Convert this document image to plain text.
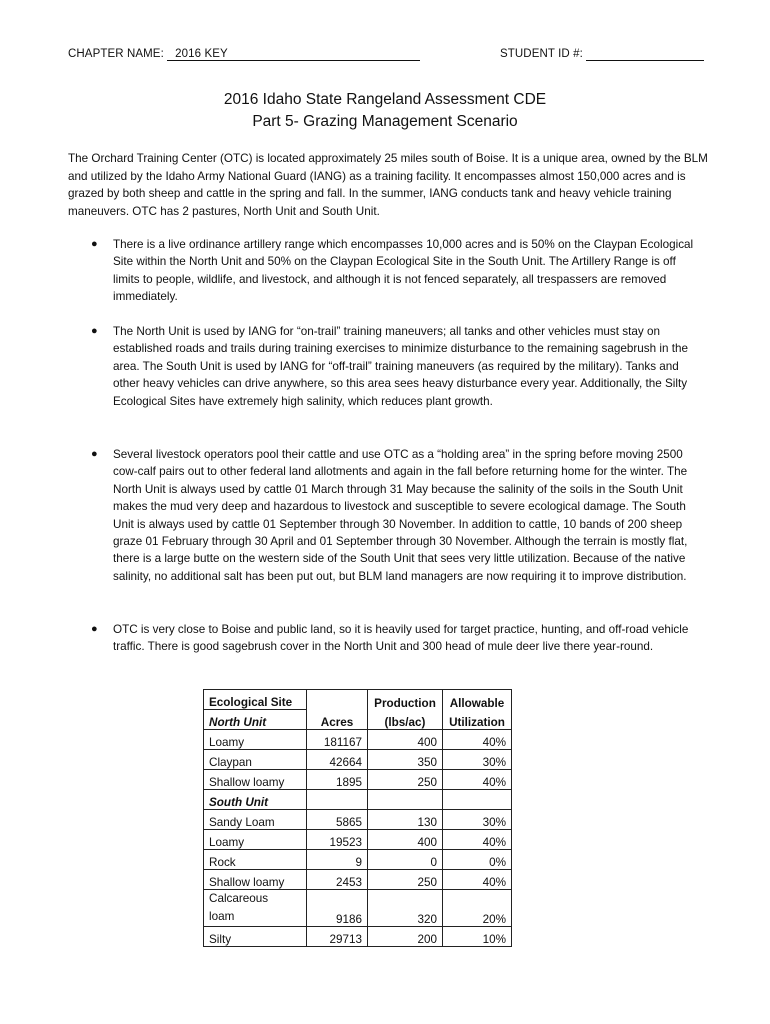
CHAPTER NAME: 2016 KEY	STUDENT ID #:
2016 Idaho State Rangeland Assessment CDE
Part 5- Grazing Management Scenario
The Orchard Training Center (OTC) is located approximately 25 miles south of Boise. It is a unique area, owned by the BLM and utilized by the Idaho Army National Guard (IANG) as a training facility. It encompasses almost 150,000 acres and is grazed by both sheep and cattle in the spring and fall. In the summer, IANG conducts tank and heavy vehicle training maneuvers. OTC has 2 pastures, North Unit and South Unit.
● There is a live ordinance artillery range which encompasses 10,000 acres and is 50% on the Claypan Ecological Site within the North Unit and 50% on the Claypan Ecological Site in the South Unit. The Artillery Range is off limits to people, wildlife, and livestock, and although it is not fenced separately, all trespassers are removed immediately.
● The North Unit is used by IANG for “on-trail” training maneuvers; all tanks and other vehicles must stay on established roads and trails during training exercises to minimize disturbance to the remaining sagebrush in the area. The South Unit is used by IANG for “off-trail” training maneuvers (as required by the military). Tanks and other heavy vehicles can drive anywhere, so this area sees heavy disturbance every year. Additionally, the Silty Ecological Sites have extremely high salinity, which reduces plant growth.
● Several livestock operators pool their cattle and use OTC as a “holding area” in the spring before moving 2500 cow-calf pairs out to other federal land allotments and again in the fall before returning home for the winter. The North Unit is always used by cattle 01 March through 31 May because the salinity of the soils in the South Unit makes the mud very deep and hazardous to livestock and susceptible to severe ecological damage. The South Unit is always used by cattle 01 September through 30 November. In addition to cattle, 10 bands of 200 sheep graze 01 February through 30 April and 01 September through 30 November. Although the terrain is mostly flat, there is a large butte on the western side of the South Unit that sees very little utilization. Because of the native salinity, no additional salt has been put out, but BLM land managers are now requiring it to improve distribution.
● OTC is very close to Boise and public land, so it is heavily used for target practice, hunting, and off-road vehicle traffic. There is good sagebrush cover in the North Unit and 300 head of mule deer live there year-round.
Ecological Site		Production	Allowable
North Unit	Acres	(lbs/ac)	Utilization
Loamy	181167	400	40%
Claypan	42664	350	30%
Shallow loamy	1895	250	40%
South Unit			
Sandy Loam	5865	130	30%
Loamy	19523	400	40%
Rock	9	0	0%
Shallow loamy	2453	250	40%
Calcareous
loam	9186	320	20%
Silty	29713	200	10%
